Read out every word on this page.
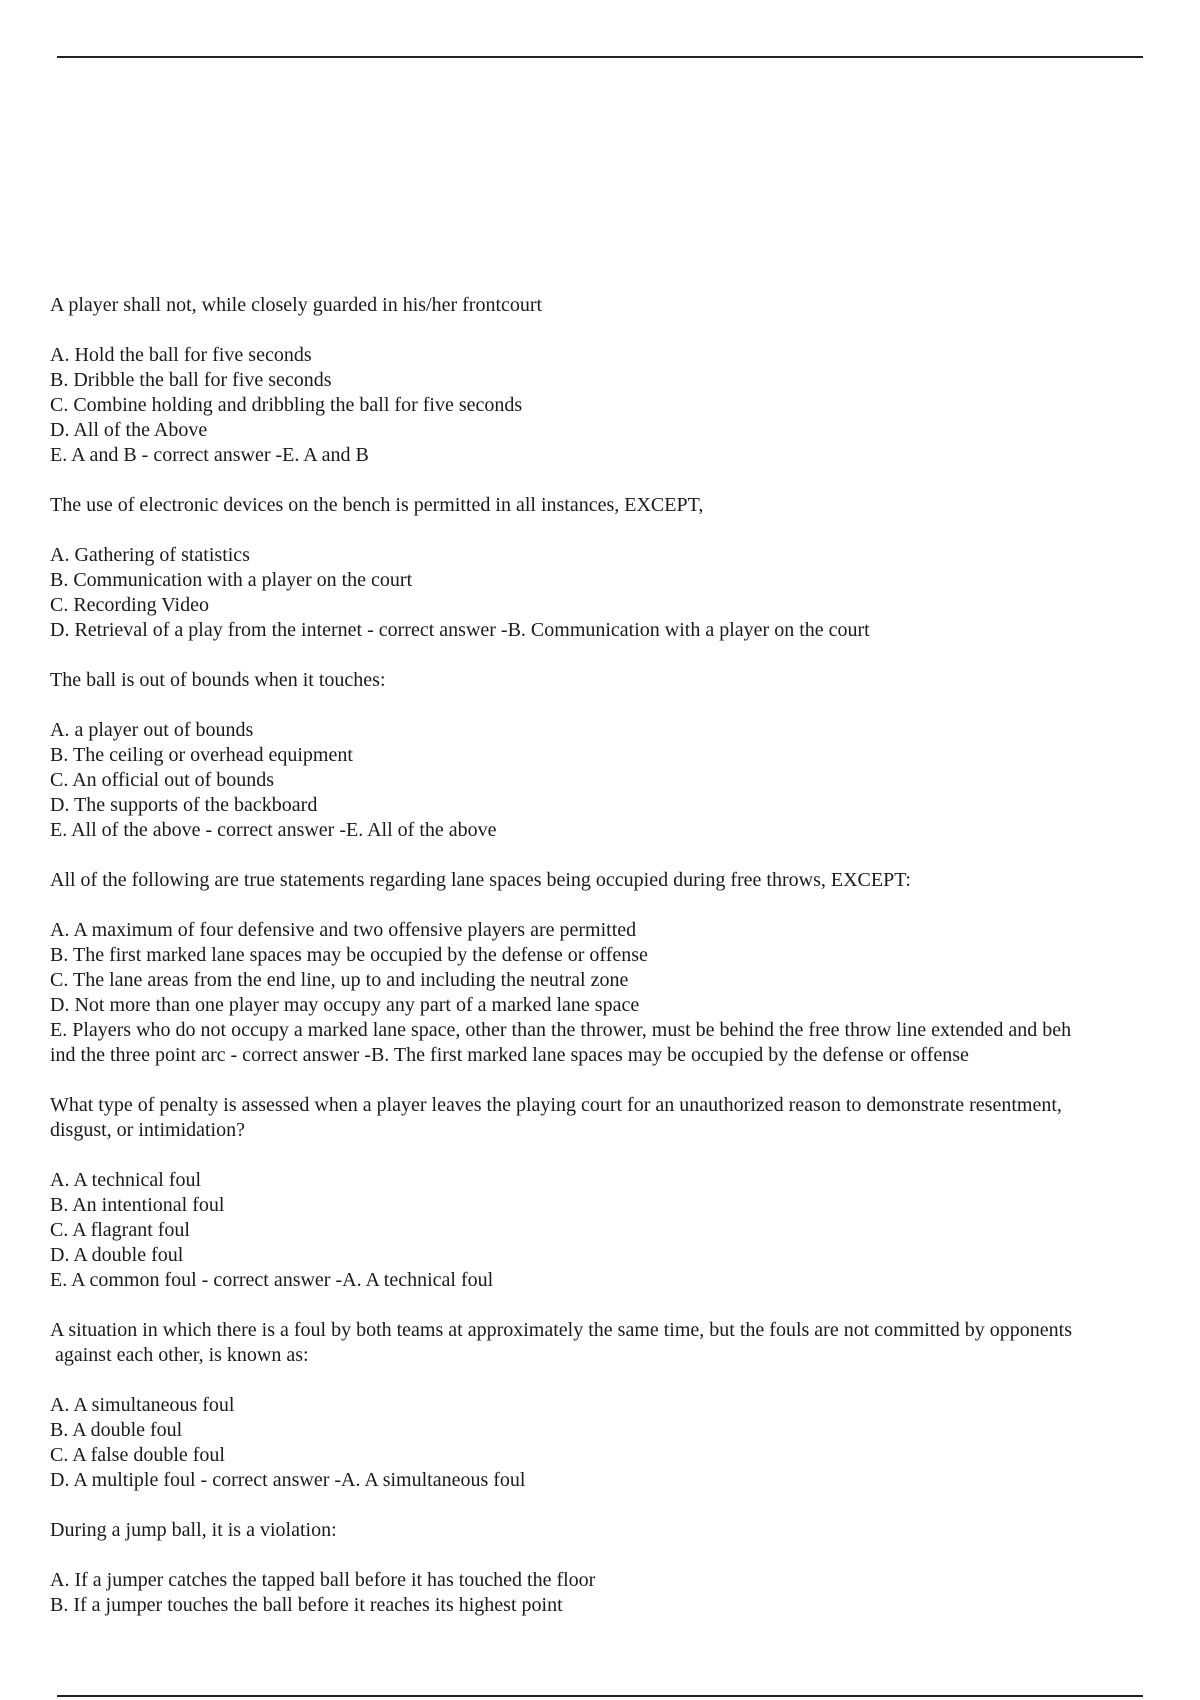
A player shall not, while closely guarded in his/her frontcourt

A. Hold the ball for five seconds
B. Dribble the ball for five seconds
C. Combine holding and dribbling the ball for five seconds
D. All of the Above
E. A and B - correct answer -E. A and B

The use of electronic devices on the bench is permitted in all instances, EXCEPT,

A. Gathering of statistics
B. Communication with a player on the court
C. Recording Video
D. Retrieval of a play from the internet - correct answer -B. Communication with a player on the court

The ball is out of bounds when it touches:

A. a player out of bounds
B. The ceiling or overhead equipment
C. An official out of bounds
D. The supports of the backboard
E. All of the above - correct answer -E. All of the above

All of the following are true statements regarding lane spaces being occupied during free throws, EXCEPT:

A. A maximum of four defensive and two offensive players are permitted
B. The first marked lane spaces may be occupied by the defense or offense
C. The lane areas from the end line, up to and including the neutral zone
D. Not more than one player may occupy any part of a marked lane space
E. Players who do not occupy a marked lane space, other than the thrower, must be behind the free throw line extended and beh
ind the three point arc - correct answer -B. The first marked lane spaces may be occupied by the defense or offense

What type of penalty is assessed when a player leaves the playing court for an unauthorized reason to demonstrate resentment,
disgust, or intimidation?

A. A technical foul
B. An intentional foul
C. A flagrant foul
D. A double foul
E. A common foul - correct answer -A. A technical foul

A situation in which there is a foul by both teams at approximately the same time, but the fouls are not committed by opponents
against each other, is known as:

A. A simultaneous foul
B. A double foul
C. A false double foul
D. A multiple foul - correct answer -A. A simultaneous foul

During a jump ball, it is a violation:

A. If a jumper catches the tapped ball before it has touched the floor
B. If a jumper touches the ball before it reaches its highest point
